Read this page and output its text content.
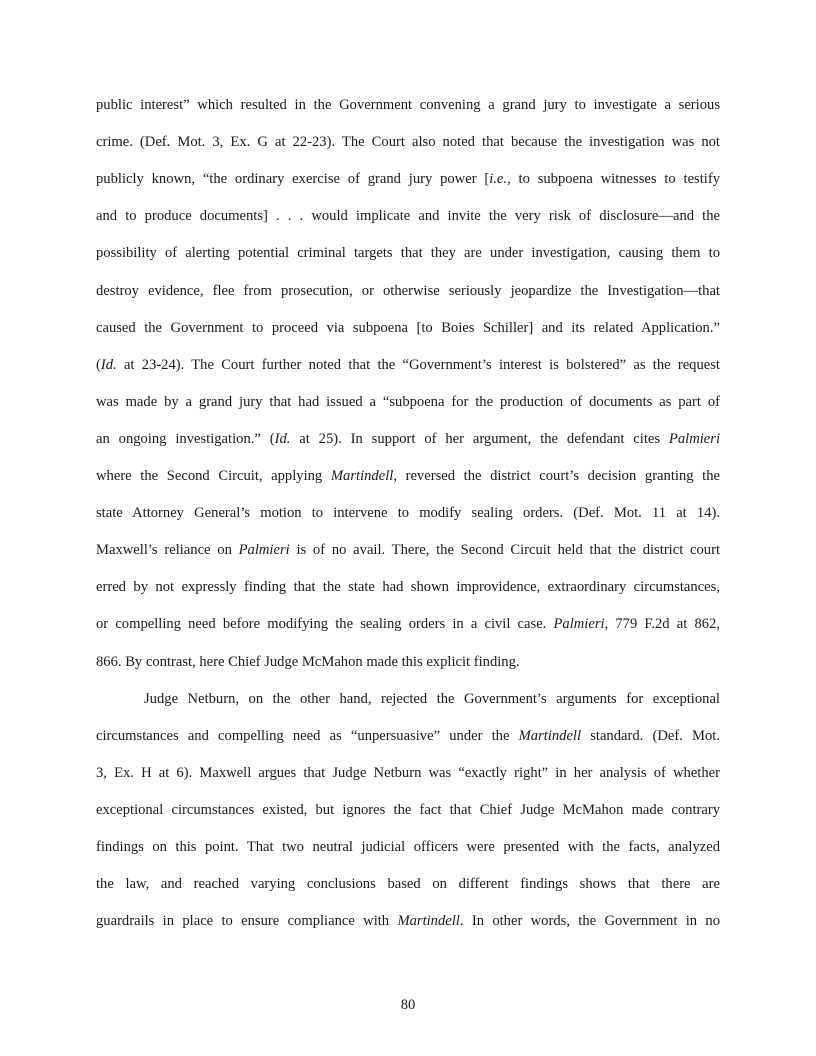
public interest” which resulted in the Government convening a grand jury to investigate a serious
crime. (Def. Mot. 3, Ex. G at 22-23). The Court also noted that because the investigation was not
publicly known, “the ordinary exercise of grand jury power [i.e., to subpoena witnesses to testify
and to produce documents] . . . would implicate and invite the very risk of disclosure—and the
possibility of alerting potential criminal targets that they are under investigation, causing them to
destroy evidence, flee from prosecution, or otherwise seriously jeopardize the Investigation—that
caused the Government to proceed via subpoena [to Boies Schiller] and its related Application.”
(Id. at 23-24). The Court further noted that the “Government’s interest is bolstered” as the request
was made by a grand jury that had issued a “subpoena for the production of documents as part of
an ongoing investigation.” (Id. at 25). In support of her argument, the defendant cites Palmieri
where the Second Circuit, applying Martindell, reversed the district court’s decision granting the
state Attorney General’s motion to intervene to modify sealing orders. (Def. Mot. 11 at 14).
Maxwell’s reliance on Palmieri is of no avail. There, the Second Circuit held that the district court
erred by not expressly finding that the state had shown improvidence, extraordinary circumstances,
or compelling need before modifying the sealing orders in a civil case. Palmieri, 779 F.2d at 862,
866. By contrast, here Chief Judge McMahon made this explicit finding.
Judge Netburn, on the other hand, rejected the Government’s arguments for exceptional
circumstances and compelling need as “unpersuasive” under the Martindell standard. (Def. Mot.
3, Ex. H at 6). Maxwell argues that Judge Netburn was “exactly right” in her analysis of whether
exceptional circumstances existed, but ignores the fact that Chief Judge McMahon made contrary
findings on this point. That two neutral judicial officers were presented with the facts, analyzed
the law, and reached varying conclusions based on different findings shows that there are
guardrails in place to ensure compliance with Martindell. In other words, the Government in no
80
